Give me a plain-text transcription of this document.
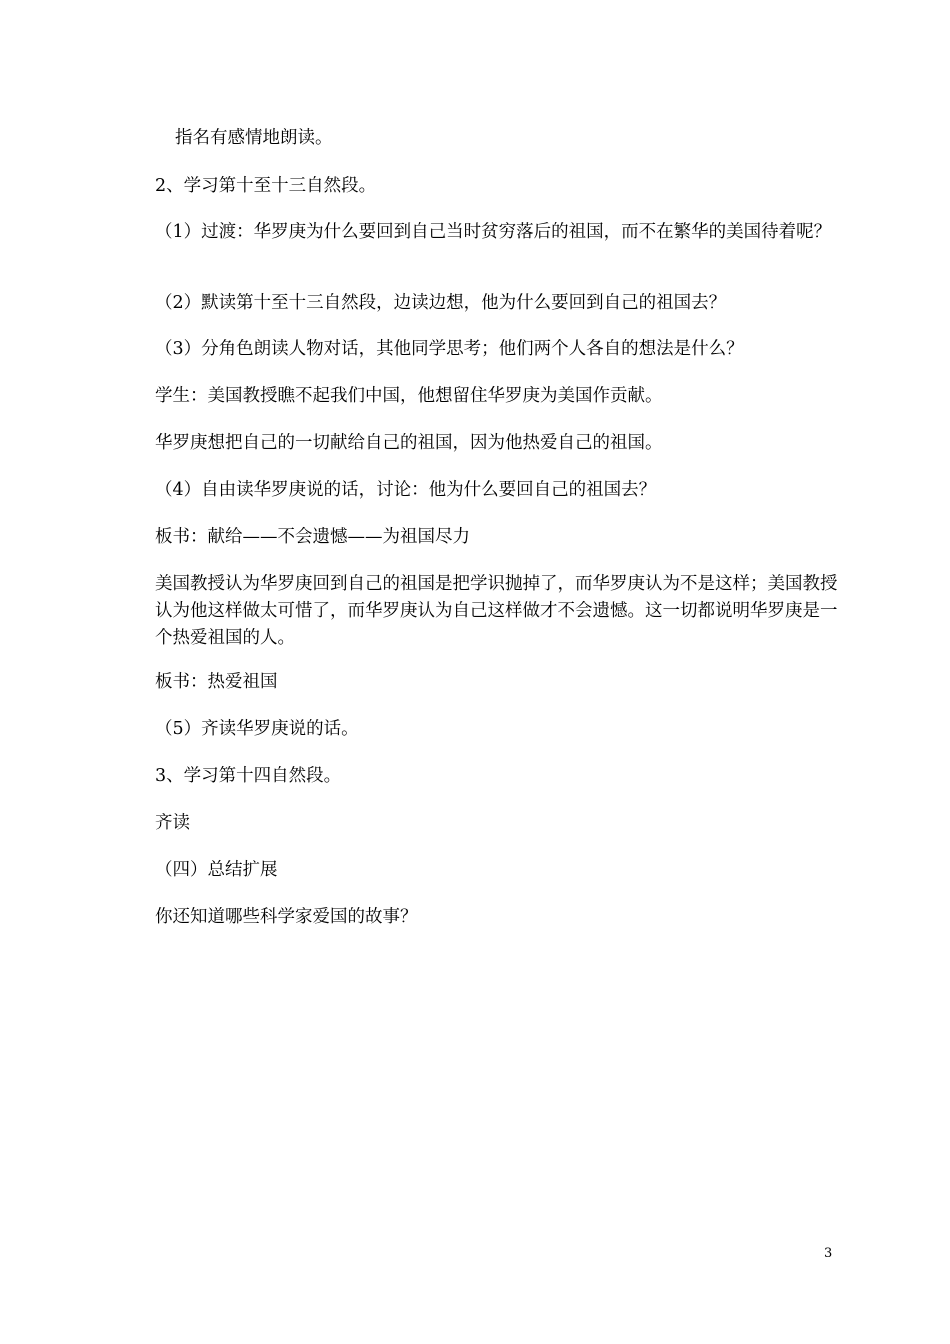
指名有感情地朗读。

2、学习第十至十三自然段。

（1）过渡：华罗庚为什么要回到自己当时贫穷落后的祖国，而不在繁华的美国待着呢？

（2）默读第十至十三自然段，边读边想，他为什么要回到自己的祖国去？

（3）分角色朗读人物对话，其他同学思考；他们两个人各自的想法是什么？

学生：美国教授瞧不起我们中国，他想留住华罗庚为美国作贡献。

华罗庚想把自己的一切献给自己的祖国，因为他热爱自己的祖国。

（4）自由读华罗庚说的话，讨论：他为什么要回自己的祖国去？

板书：献给——不会遗憾——为祖国尽力

美国教授认为华罗庚回到自己的祖国是把学识抛掉了，而华罗庚认为不是这样；美国教授认为他这样做太可惜了，而华罗庚认为自己这样做才不会遗憾。这一切都说明华罗庚是一个热爱祖国的人。

板书：热爱祖国

（5）齐读华罗庚说的话。

3、学习第十四自然段。

齐读

（四）总结扩展

你还知道哪些科学家爱国的故事？

3
